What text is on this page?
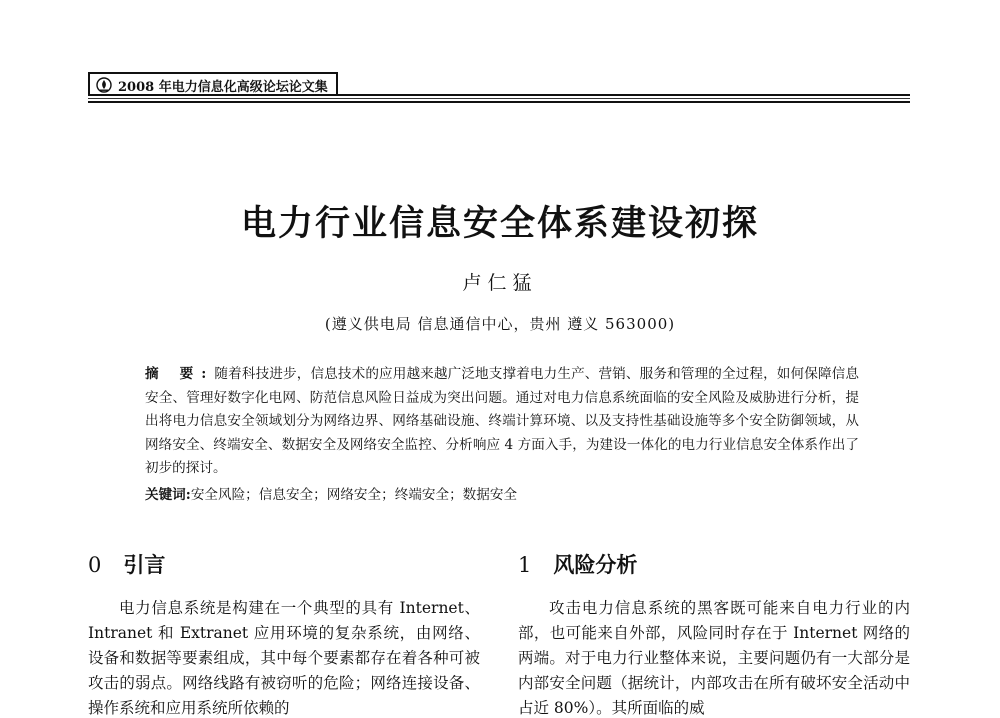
2008 年电力信息化高级论坛论文集
电力行业信息安全体系建设初探
卢仁猛
(遵义供电局 信息通信中心，贵州 遵义 563000)
摘 要:随着科技进步，信息技术的应用越来越广泛地支撑着电力生产、营销、服务和管理的全过程，如何保障信息安全、管理好数字化电网、防范信息风险日益成为突出问题。通过对电力信息系统面临的安全风险及威胁进行分析，提出将电力信息安全领域划分为网络边界、网络基础设施、终端计算环境、以及支持性基础设施等多个安全防御领域，从网络安全、终端安全、数据安全及网络安全监控、分析响应 4 方面入手，为建设一体化的电力行业信息安全体系作出了初步的探讨。
关键词:安全风险；信息安全；网络安全；终端安全；数据安全
0 引言
电力信息系统是构建在一个典型的具有 Internet、Intranet 和 Extranet 应用环境的复杂系统，由网络、设备和数据等要素组成，其中每个要素都存在着各种可被攻击的弱点。网络线路有被窃听的危险；网络连接设备、操作系统和应用系统所依赖的
1 风险分析
攻击电力信息系统的黑客既可能来自电力行业的内部，也可能来自外部，风险同时存在于 Internet 网络的两端。对于电力行业整体来说，主要问题仍有一大部分是内部安全问题（据统计，内部攻击在所有破坏安全活动中占近 80%）。其所面临的威
